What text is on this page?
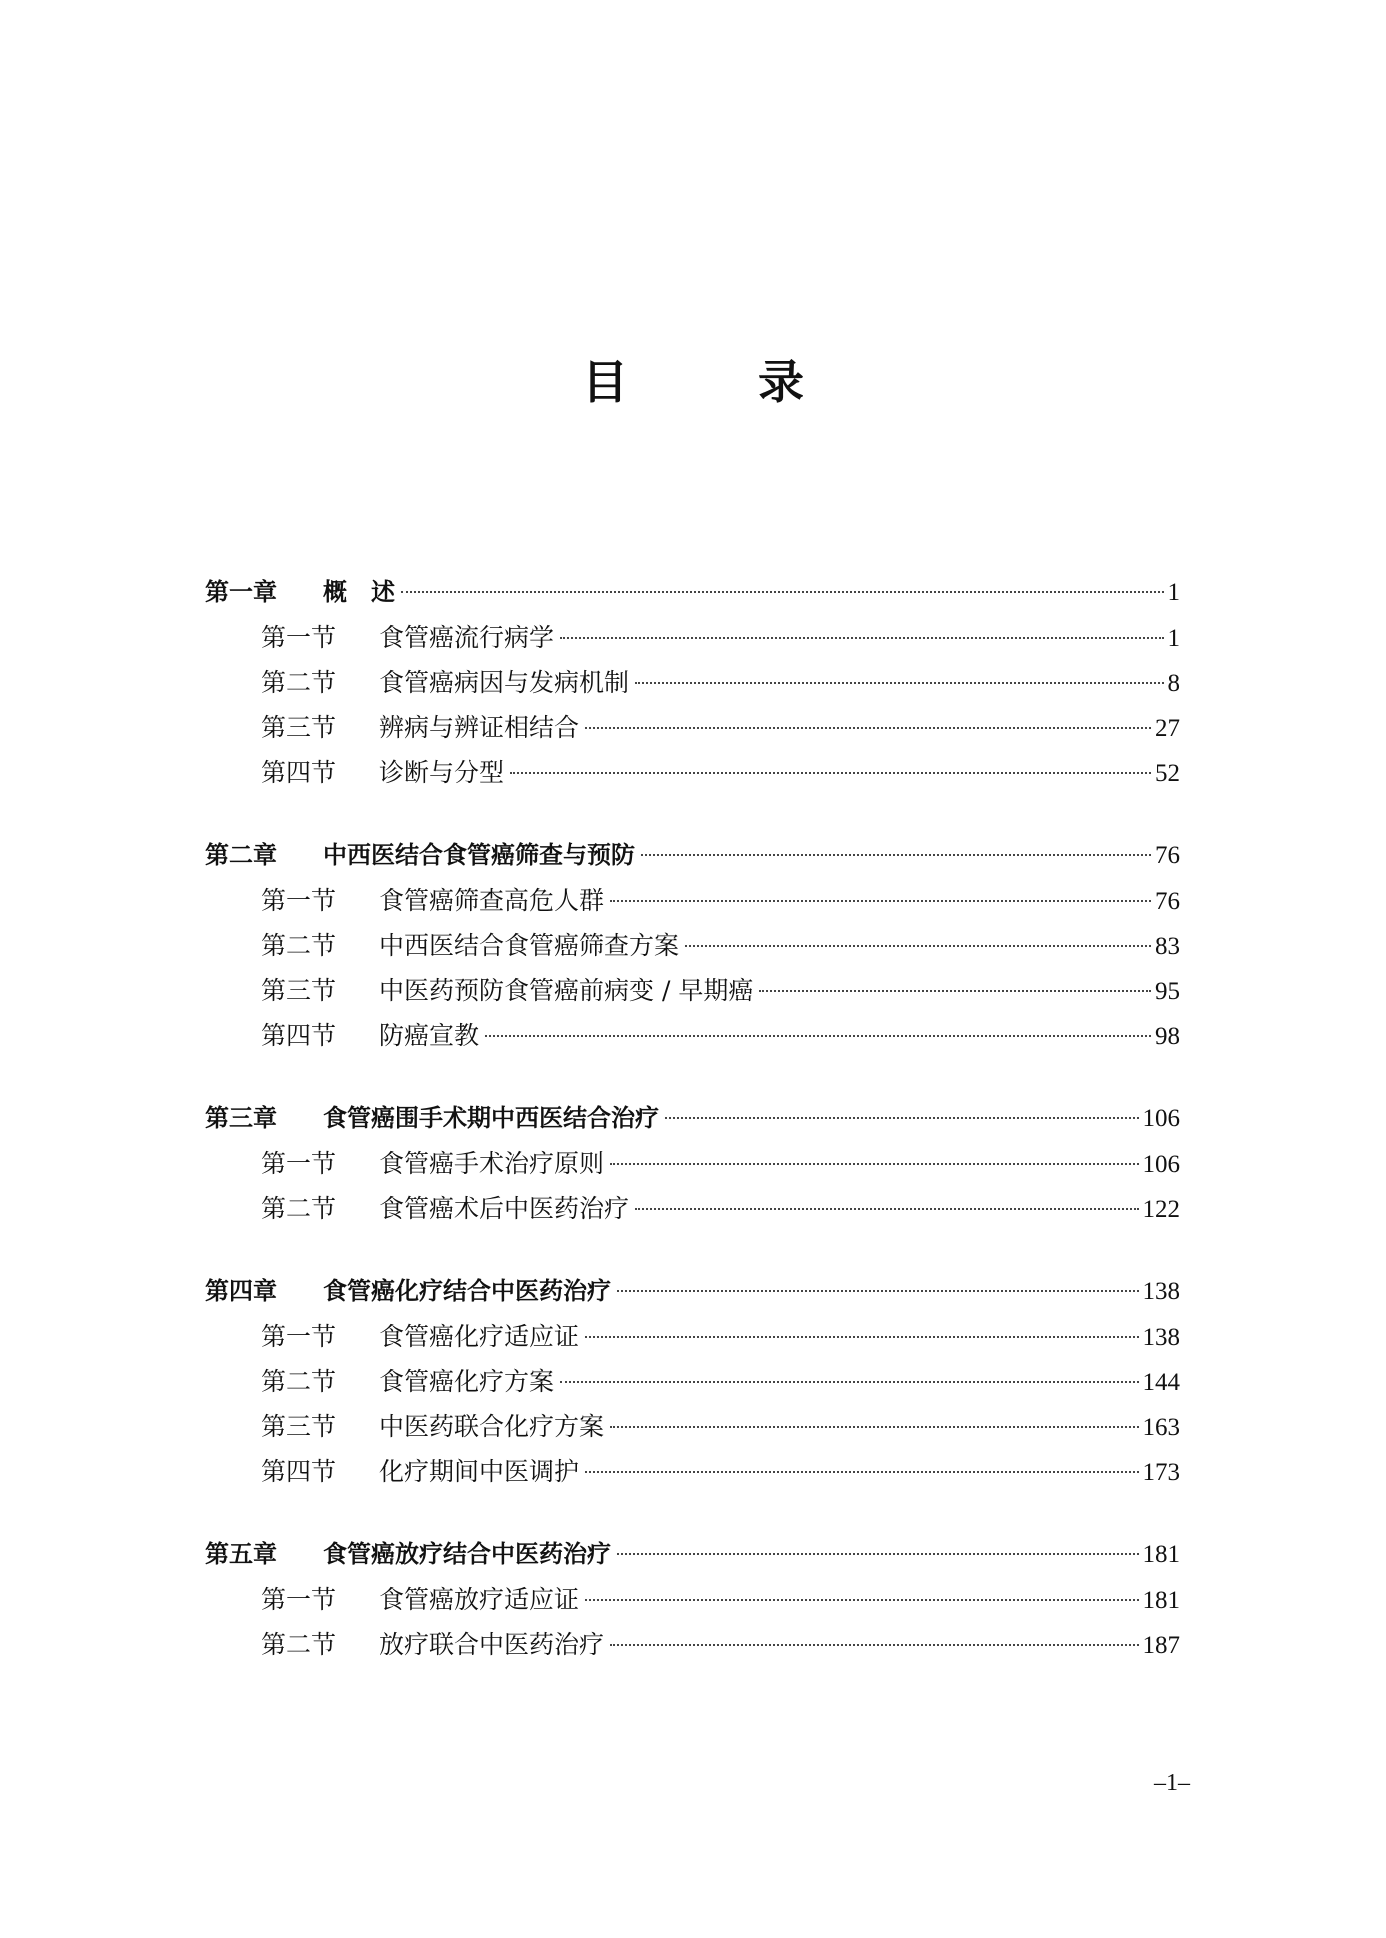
目　录
第一章	概　述	1
第一节	食管癌流行病学	1
第二节	食管癌病因与发病机制	8
第三节	辨病与辨证相结合	27
第四节	诊断与分型	52
第二章	中西医结合食管癌筛查与预防	76
第一节	食管癌筛查高危人群	76
第二节	中西医结合食管癌筛查方案	83
第三节	中医药预防食管癌前病变 / 早期癌	95
第四节	防癌宣教	98
第三章	食管癌围手术期中西医结合治疗	106
第一节	食管癌手术治疗原则	106
第二节	食管癌术后中医药治疗	122
第四章	食管癌化疗结合中医药治疗	138
第一节	食管癌化疗适应证	138
第二节	食管癌化疗方案	144
第三节	中医药联合化疗方案	163
第四节	化疗期间中医调护	173
第五章	食管癌放疗结合中医药治疗	181
第一节	食管癌放疗适应证	181
第二节	放疗联合中医药治疗	187
–1–
